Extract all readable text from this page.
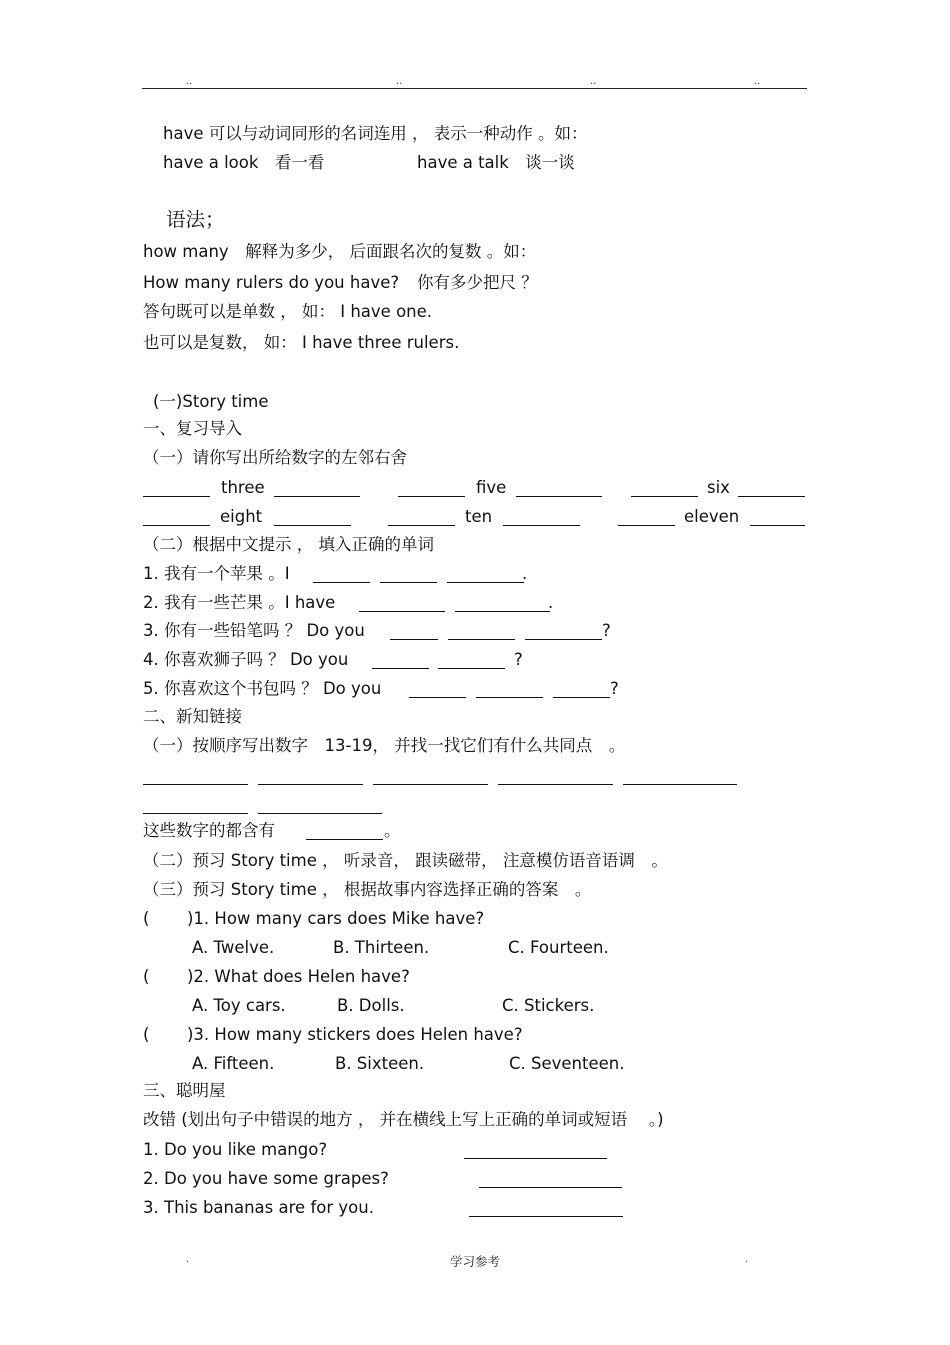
..	..	..	..
have 可以与动词同形的名词连用 ， 表示一种动作 。如：
have a look　看一看	have a talk　谈一谈
语法；
how many　解释为多少， 后面跟名次的复数 。如：
How many rulers do you have? 你有多少把尺 ？
答句既可以是单数 ， 如： I have one.
也可以是复数， 如： I have three rulers.
(一)Story time
一、复习导入
（一）请你写出所给数字的左邻右舍
three	five	six
eight	ten	eleven
（二）根据中文提示 ， 填入正确的单词
1. 我有一个苹果 。I	.
2. 我有一些芒果 。I have	.
3. 你有一些铅笔吗 ？ Do you	?
4. 你喜欢狮子吗 ？ Do you	?
5. 你喜欢这个书包吗 ？ Do you	?
二、新知链接
（一）按顺序写出数字　13-19， 并找一找它们有什么共同点　。
这些数字的都含有	。
（二）预习 Story time ， 听录音， 跟读磁带， 注意模仿语音语调　。
（三）预习 Story time ， 根据故事内容选择正确的答案　。
( )1. How many cars does Mike have?
A. Twelve.	B. Thirteen.	C. Fourteen.
( )2. What does Helen have?
A. Toy cars.	B. Dolls.	C. Stickers.
( )3. How many stickers does Helen have?
A. Fifteen.	B. Sixteen.	C. Seventeen.
三、聪明屋
改错 (划出句子中错误的地方 ， 并在横线上写上正确的单词或短语 　。)
1. Do you like mango?
2. Do you have some grapes?
3. This bananas are for you.
.	学习参考	.
